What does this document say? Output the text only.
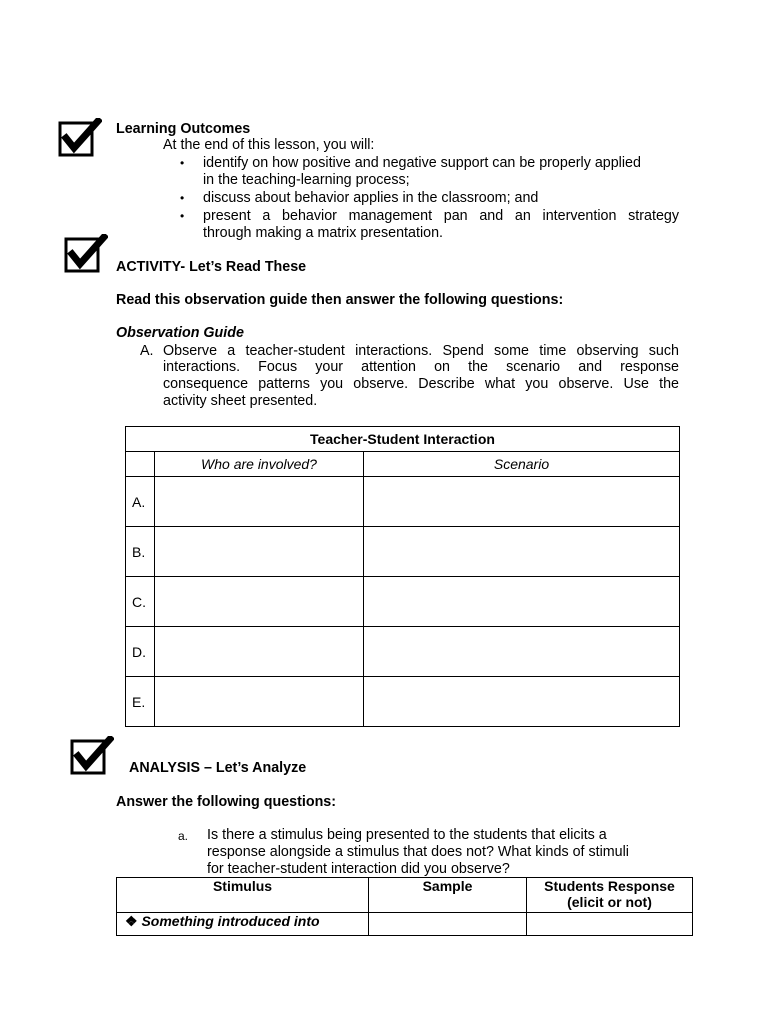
Learning Outcomes
At the end of this lesson, you will:
• identify on how positive and negative support can be properly applied
in the teaching-learning process;
• discuss about behavior applies in the classroom; and
• present a behavior management pan and an intervention strategy
through making a matrix presentation.
ACTIVITY- Let’s Read These
Read this observation guide then answer the following questions:
Observation Guide
A. Observe a teacher-student interactions. Spend some time observing such
interactions. Focus your attention on the scenario and response
consequence patterns you observe. Describe what you observe. Use the
activity sheet presented.
Teacher-Student Interaction		
	Who are involved?	Scenario
A.		
B.		
C.		
D.		
E.		
ANALYSIS – Let’s Analyze
Answer the following questions:
a. Is there a stimulus being presented to the students that elicits a
response alongside a stimulus that does not? What kinds of stimuli
for teacher-student interaction did you observe?
Stimulus	Sample	Students Response
(elicit or not)

❖ Something introduced into		
